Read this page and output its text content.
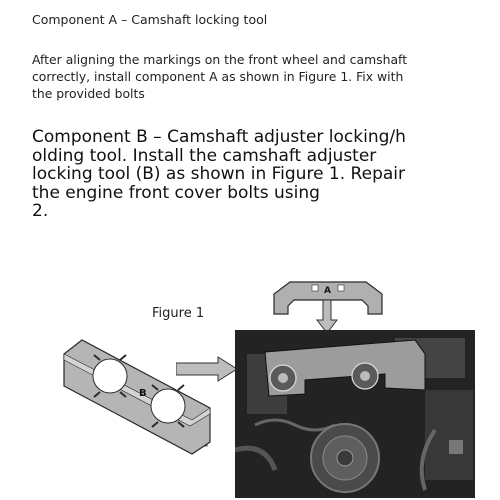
Component A – Camshaft locking tool
After aligning the markings on the front wheel and camshaft
correctly, install component A as shown in Figure 1. Fix with
the provided bolts
Component B – Camshaft adjuster locking/h
olding tool. Install the camshaft adjuster
locking tool (B) as shown in Figure 1. Repair
the engine front cover bolts using
2.
Figure 1
B
A
